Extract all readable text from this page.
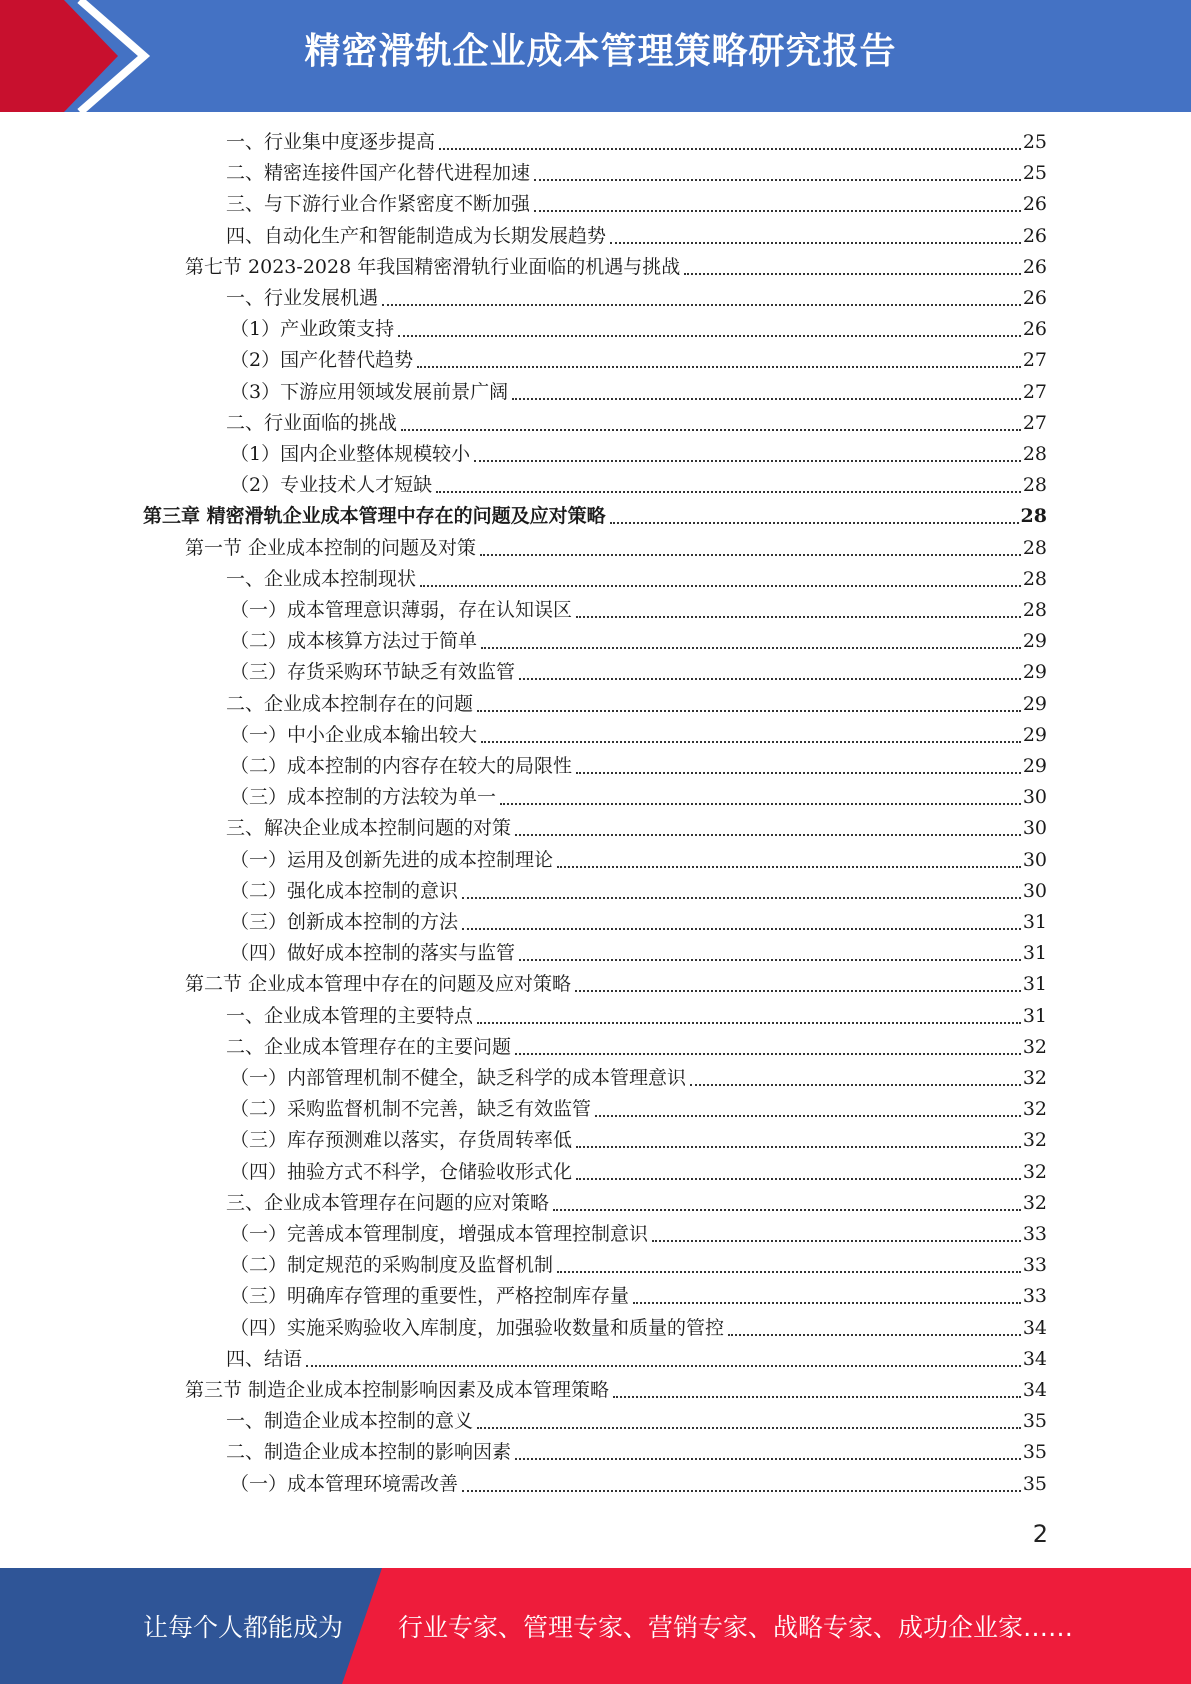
精密滑轨企业成本管理策略研究报告
一、行业集中度逐步提高	25
二、精密连接件国产化替代进程加速	25
三、与下游行业合作紧密度不断加强	26
四、自动化生产和智能制造成为长期发展趋势	26
第七节 2023-2028 年我国精密滑轨行业面临的机遇与挑战	26
一、行业发展机遇	26
（1）产业政策支持	26
（2）国产化替代趋势	27
（3）下游应用领域发展前景广阔	27
二、行业面临的挑战	27
（1）国内企业整体规模较小	28
（2）专业技术人才短缺	28
第三章 精密滑轨企业成本管理中存在的问题及应对策略	28
第一节 企业成本控制的问题及对策	28
一、企业成本控制现状	28
（一）成本管理意识薄弱，存在认知误区	28
（二）成本核算方法过于简单	29
（三）存货采购环节缺乏有效监管	29
二、企业成本控制存在的问题	29
（一）中小企业成本输出较大	29
（二）成本控制的内容存在较大的局限性	29
（三）成本控制的方法较为单一	30
三、解决企业成本控制问题的对策	30
（一）运用及创新先进的成本控制理论	30
（二）强化成本控制的意识	30
（三）创新成本控制的方法	31
（四）做好成本控制的落实与监管	31
第二节 企业成本管理中存在的问题及应对策略	31
一、企业成本管理的主要特点	31
二、企业成本管理存在的主要问题	32
（一）内部管理机制不健全，缺乏科学的成本管理意识	32
（二）采购监督机制不完善，缺乏有效监管	32
（三）库存预测难以落实，存货周转率低	32
（四）抽验方式不科学，仓储验收形式化	32
三、企业成本管理存在问题的应对策略	32
（一）完善成本管理制度，增强成本管理控制意识	33
（二）制定规范的采购制度及监督机制	33
（三）明确库存管理的重要性，严格控制库存量	33
（四）实施采购验收入库制度，加强验收数量和质量的管控	34
四、结语	34
第三节 制造企业成本控制影响因素及成本管理策略	34
一、制造企业成本控制的意义	35
二、制造企业成本控制的影响因素	35
（一）成本管理环境需改善	35
2
让每个人都能成为 行业专家、管理专家、营销专家、战略专家、成功企业家……
